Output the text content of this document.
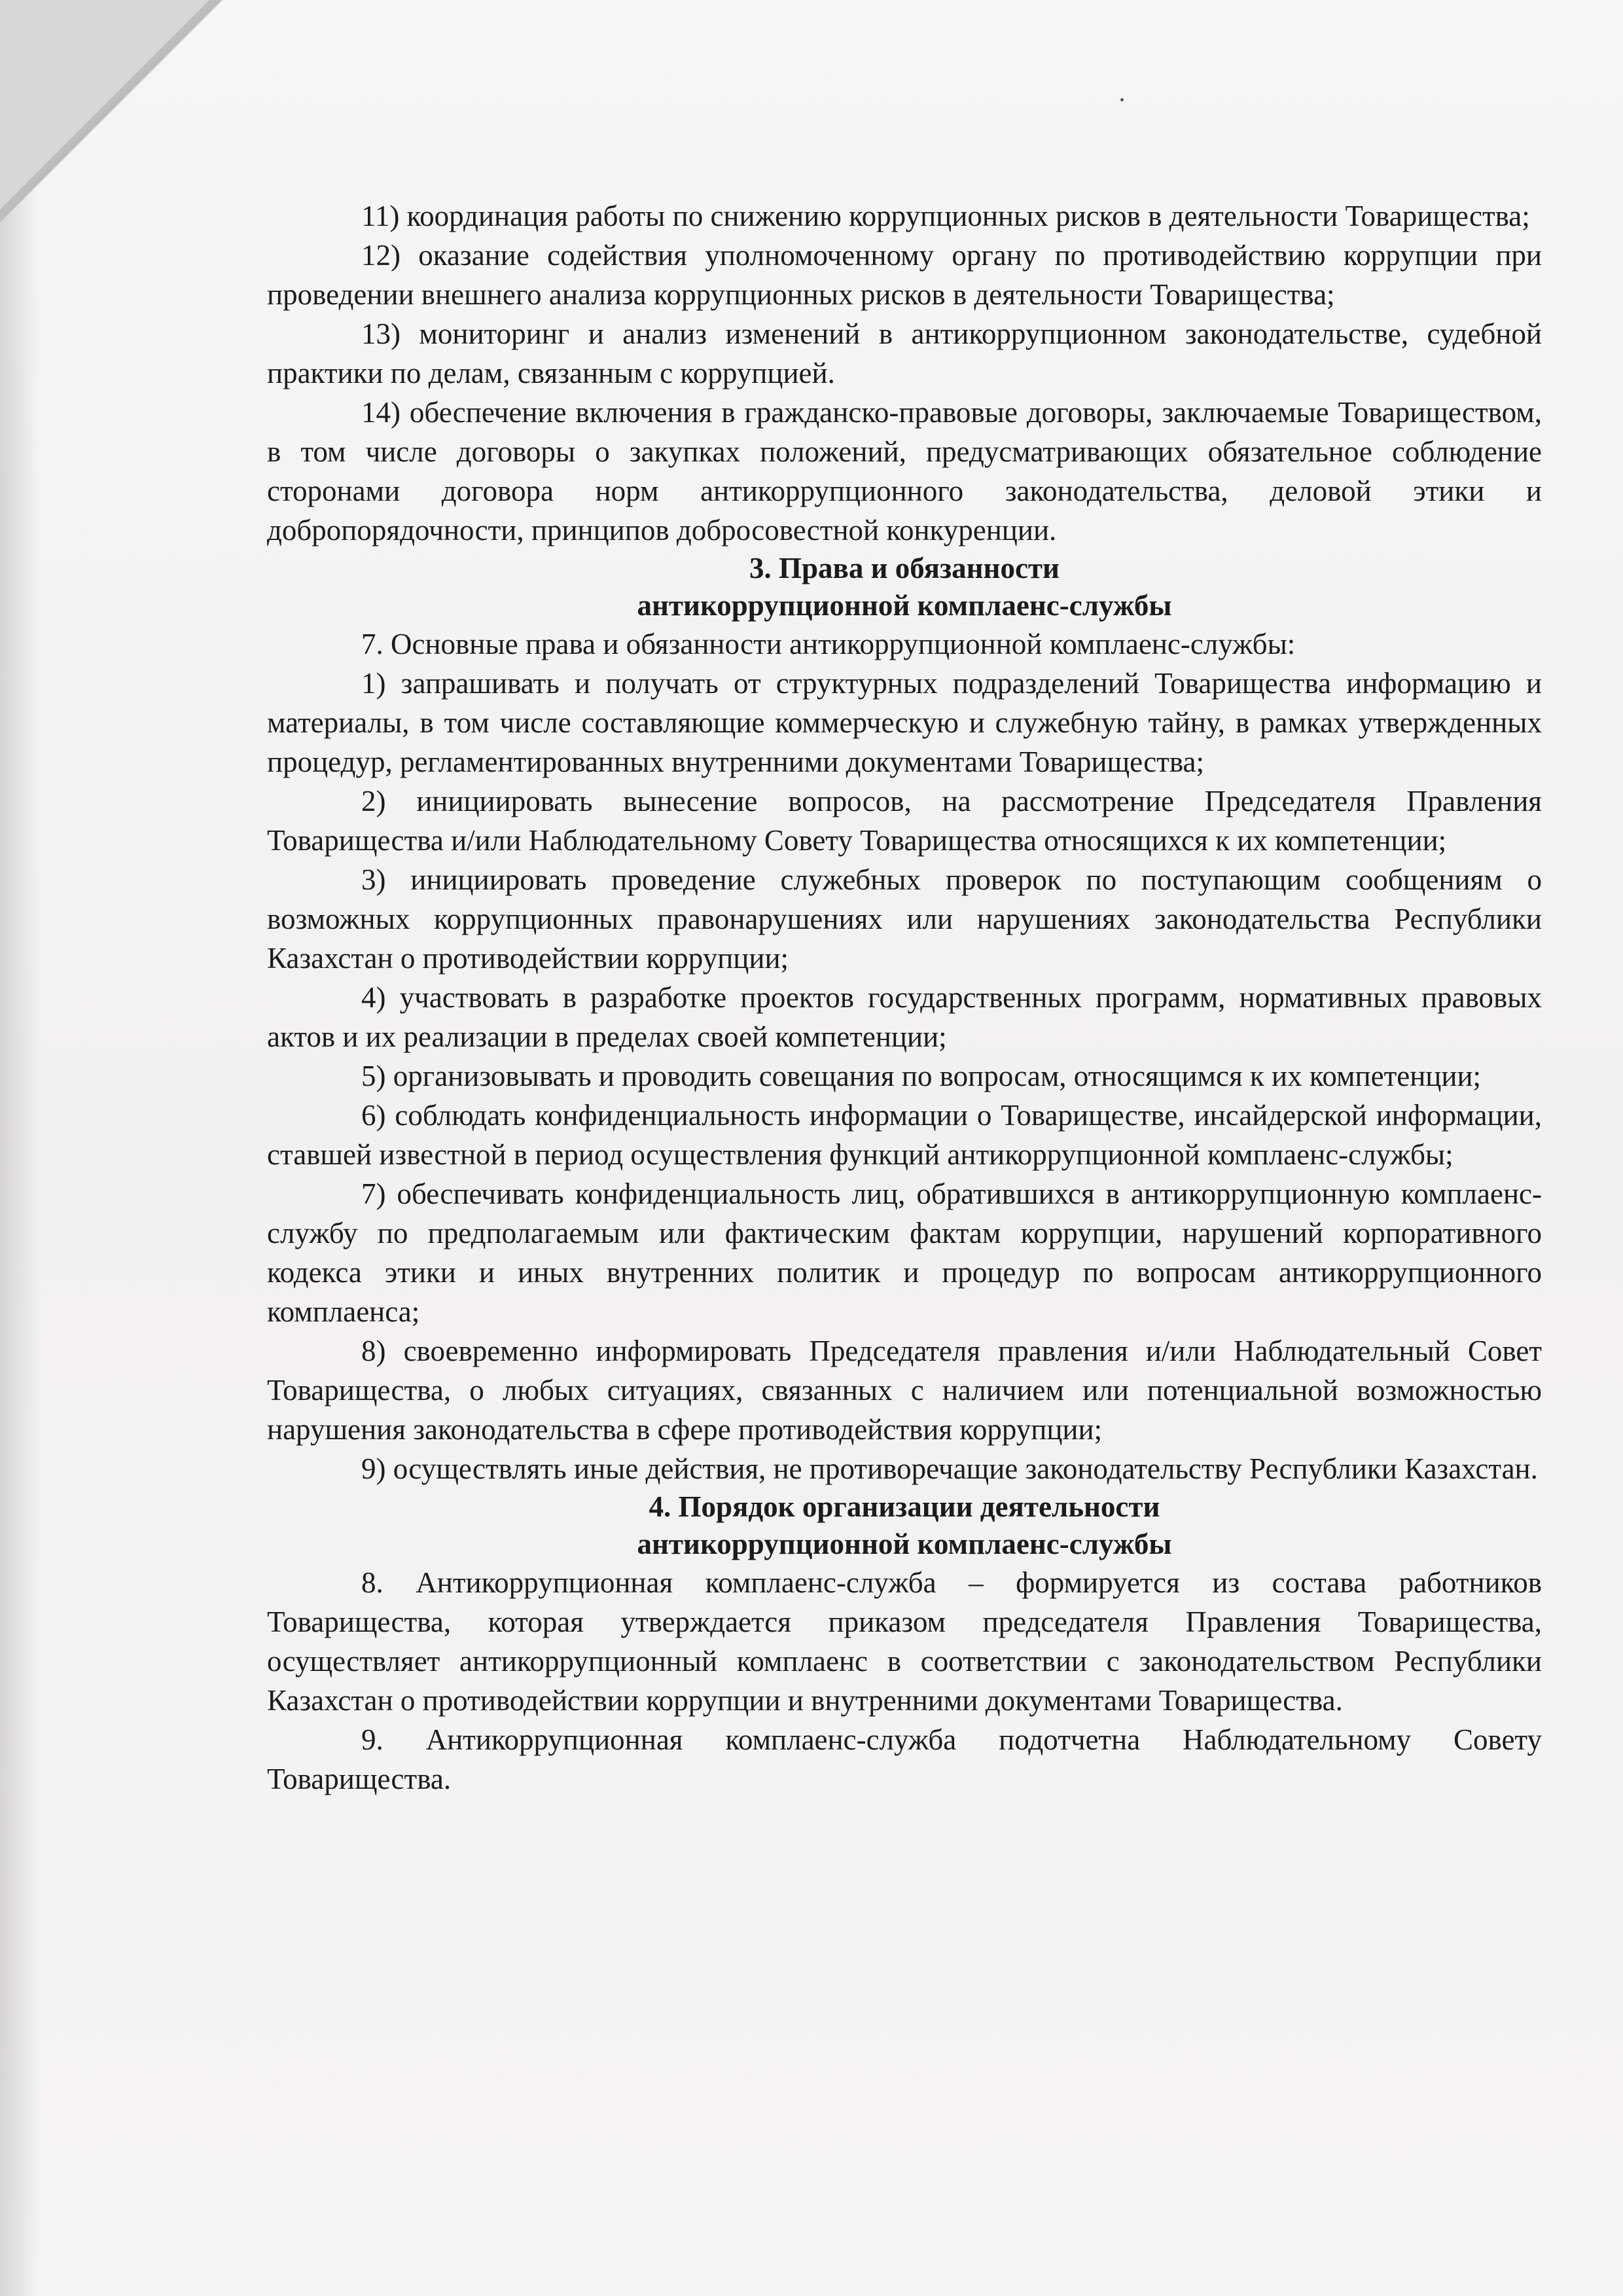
11) координация работы по снижению коррупционных рисков в деятельности Товарищества;

12) оказание содействия уполномоченному органу по противодействию коррупции при проведении внешнего анализа коррупционных рисков в деятельности Товарищества;

13) мониторинг и анализ изменений в антикоррупционном законодательстве, судебной практики по делам, связанным с коррупцией.

14) обеспечение включения в гражданско-правовые договоры, заключаемые Товариществом, в том числе договоры о закупках положений, предусматривающих обязательное соблюдение сторонами договора норм антикоррупционного законодательства, деловой этики и добропорядочности, принципов добросовестной конкуренции.

3. Права и обязанности
антикоррупционной комплаенс-службы

7. Основные права и обязанности антикоррупционной комплаенс-службы:

1) запрашивать и получать от структурных подразделений Товарищества информацию и материалы, в том числе составляющие коммерческую и служебную тайну, в рамках утвержденных процедур, регламентированных внутренними документами Товарищества;

2) инициировать вынесение вопросов, на рассмотрение Председателя Правления Товарищества и/или Наблюдательному Совету Товарищества относящихся к их компетенции;

3) инициировать проведение служебных проверок по поступающим сообщениям о возможных коррупционных правонарушениях или нарушениях законодательства Республики Казахстан о противодействии коррупции;

4) участвовать в разработке проектов государственных программ, нормативных правовых актов и их реализации в пределах своей компетенции;

5) организовывать и проводить совещания по вопросам, относящимся к их компетенции;

6) соблюдать конфиденциальность информации о Товариществе, инсайдерской информации, ставшей известной в период осуществления функций антикоррупционной комплаенс-службы;

7) обеспечивать конфиденциальность лиц, обратившихся в антикоррупционную комплаенс-службу по предполагаемым или фактическим фактам коррупции, нарушений корпоративного кодекса этики и иных внутренних политик и процедур по вопросам антикоррупционного комплаенса;

8) своевременно информировать Председателя правления и/или Наблюдательный Совет Товарищества, о любых ситуациях, связанных с наличием или потенциальной возможностью нарушения законодательства в сфере противодействия коррупции;

9) осуществлять иные действия, не противоречащие законодательству Республики Казахстан.

4. Порядок организации деятельности
антикоррупционной комплаенс-службы

8. Антикоррупционная комплаенс-служба – формируется из состава работников Товарищества, которая утверждается приказом председателя Правления Товарищества, осуществляет антикоррупционный комплаенс в соответствии с законодательством Республики Казахстан о противодействии коррупции и внутренними документами Товарищества.

9. Антикоррупционная комплаенс-служба подотчетна Наблюдательному Совету Товарищества.
